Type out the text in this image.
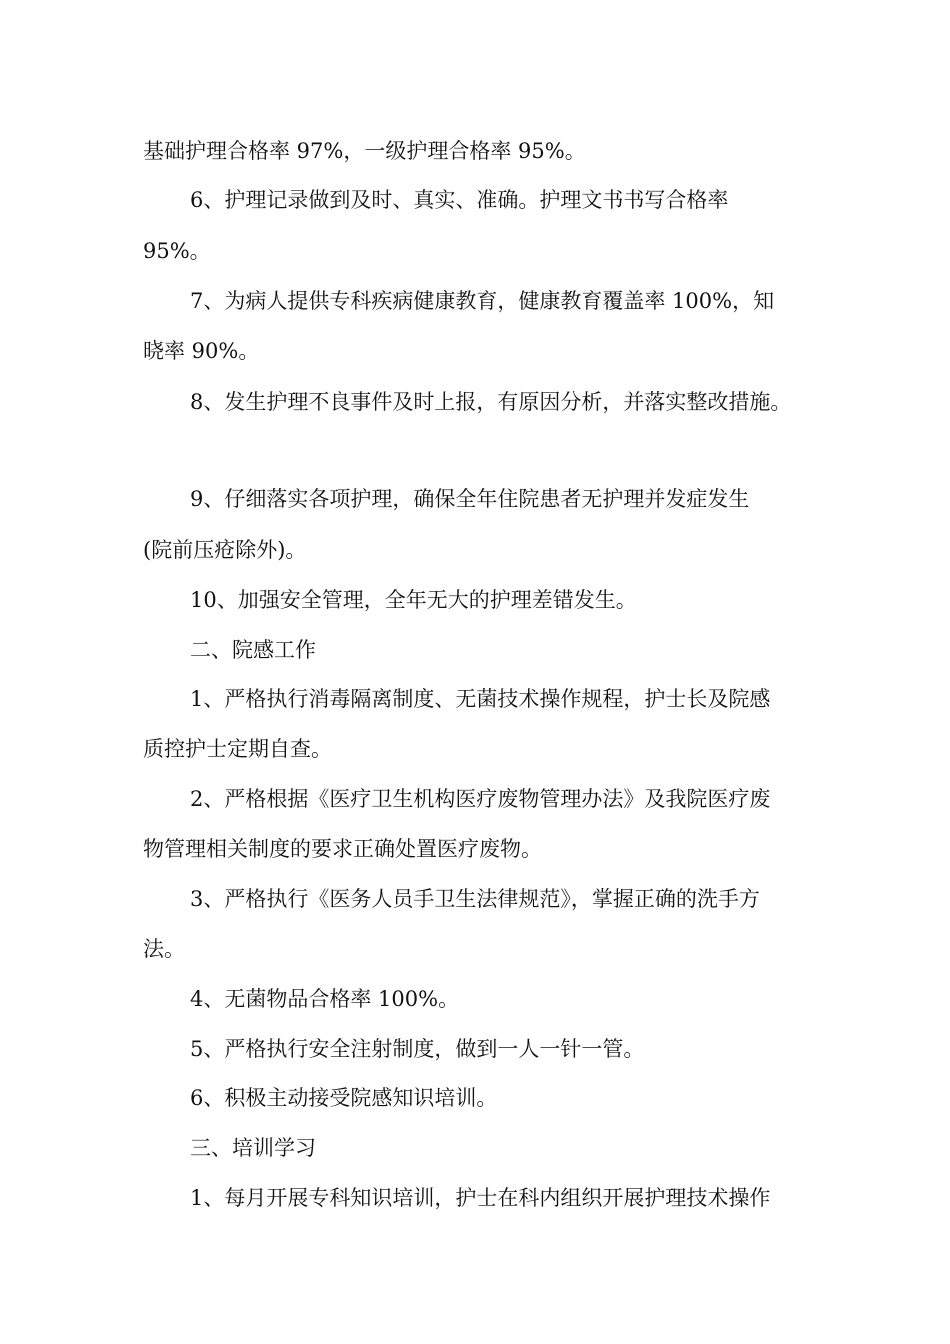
基础护理合格率 97%，一级护理合格率 95%。
6、护理记录做到及时、真实、准确。护理文书书写合格率
95%。
7、为病人提供专科疾病健康教育，健康教育覆盖率 100%，知
晓率 90%。
8、发生护理不良事件及时上报，有原因分析，并落实整改措施。
9、仔细落实各项护理，确保全年住院患者无护理并发症发生
(院前压疮除外)。
10、加强安全管理，全年无大的护理差错发生。
二、院感工作
1、严格执行消毒隔离制度、无菌技术操作规程，护士长及院感
质控护士定期自查。
2、严格根据《医疗卫生机构医疗废物管理办法》及我院医疗废
物管理相关制度的要求正确处置医疗废物。
3、严格执行《医务人员手卫生法律规范》，掌握正确的洗手方
法。
4、无菌物品合格率 100%。
5、严格执行安全注射制度，做到一人一针一管。
6、积极主动接受院感知识培训。
三、培训学习
1、每月开展专科知识培训，护士在科内组织开展护理技术操作
